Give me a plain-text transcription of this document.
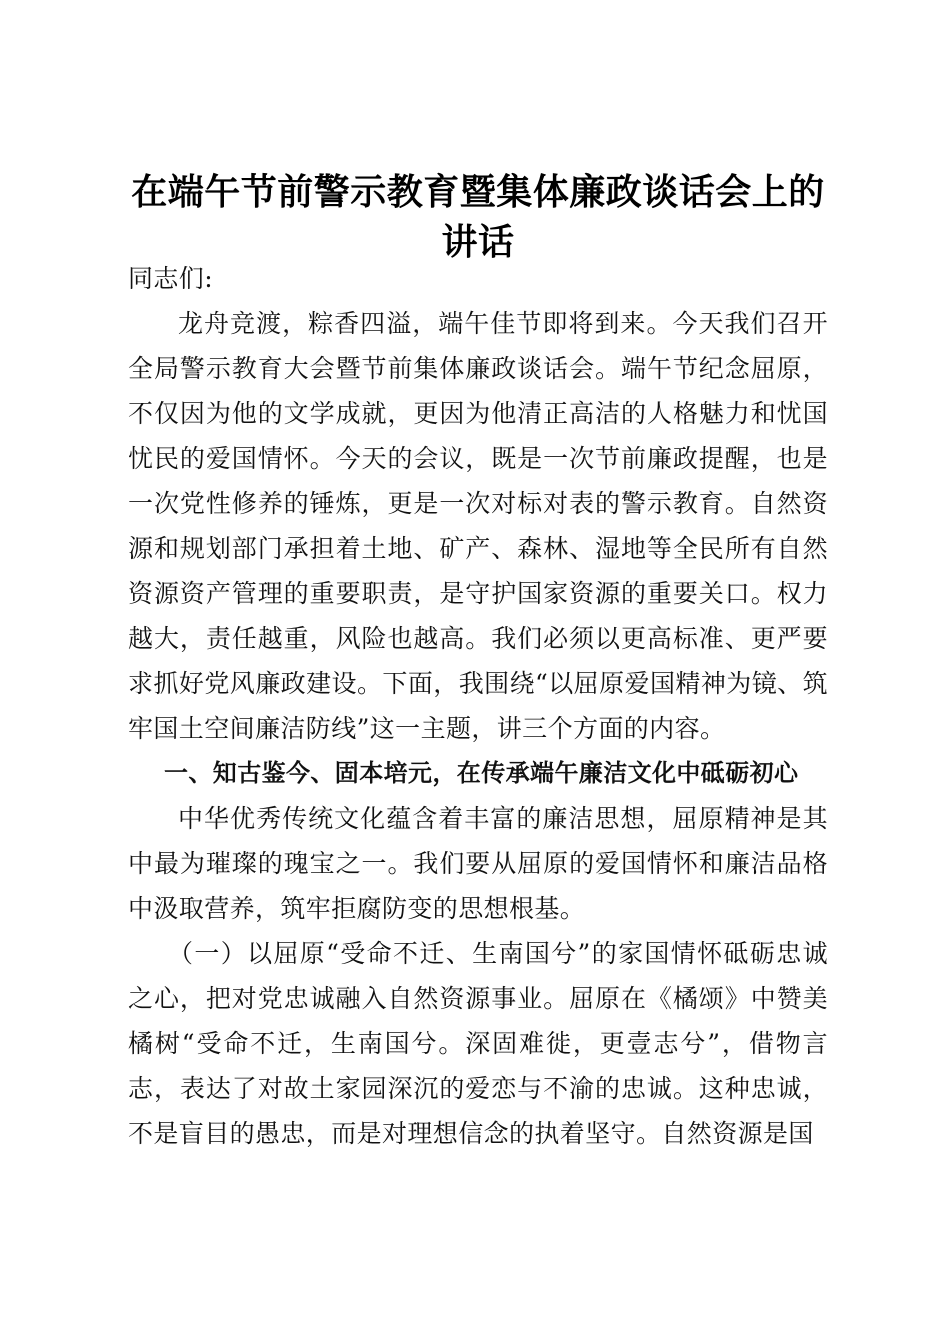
在端午节前警示教育暨集体廉政谈话会上的讲话

同志们:

龙舟竞渡，粽香四溢，端午佳节即将到来。今天我们召开全局警示教育大会暨节前集体廉政谈话会。端午节纪念屈原，不仅因为他的文学成就，更因为他清正高洁的人格魅力和忧国忧民的爱国情怀。今天的会议，既是一次节前廉政提醒，也是一次党性修养的锤炼，更是一次对标对表的警示教育。自然资源和规划部门承担着土地、矿产、森林、湿地等全民所有自然资源资产管理的重要职责，是守护国家资源的重要关口。权力越大，责任越重，风险也越高。我们必须以更高标准、更严要求抓好党风廉政建设。下面，我围绕“以屈原爱国精神为镜、筑牢国土空间廉洁防线”这一主题，讲三个方面的内容。

一、知古鉴今、固本培元，在传承端午廉洁文化中砥砺初心

中华优秀传统文化蕴含着丰富的廉洁思想，屈原精神是其中最为璀璨的瑰宝之一。我们要从屈原的爱国情怀和廉洁品格中汲取营养，筑牢拒腐防变的思想根基。

（一）以屈原“受命不迁、生南国兮”的家国情怀砥砺忠诚之心，把对党忠诚融入自然资源事业。屈原在《橘颂》中赞美橘树“受命不迁，生南国兮。深固难徙，更壹志兮”，借物言志，表达了对故土家园深沉的爱恋与不渝的忠诚。这种忠诚，不是盲目的愚忠，而是对理想信念的执着坚守。自然资源是国
